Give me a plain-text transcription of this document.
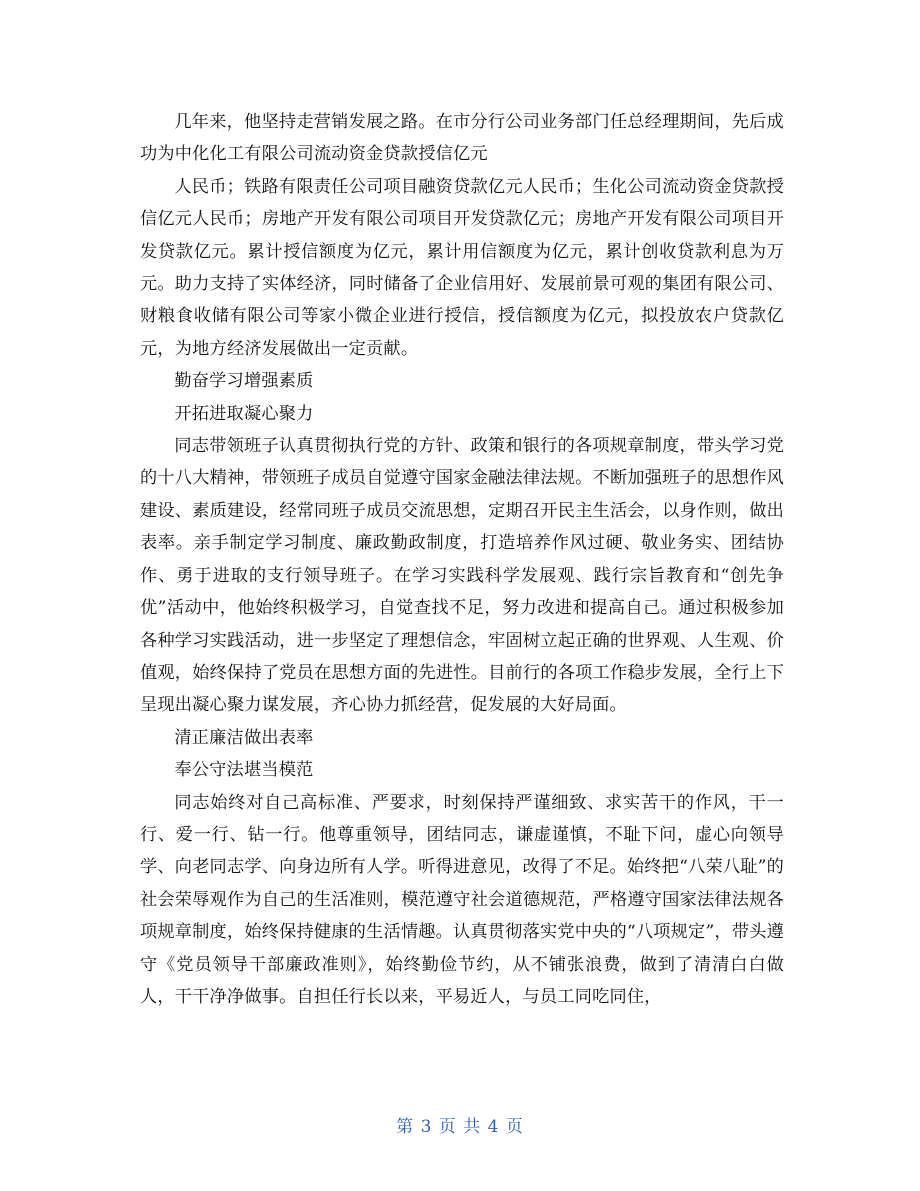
几年来，他坚持走营销发展之路。在市分行公司业务部门任总经理期间，先后成功为中化化工有限公司流动资金贷款授信亿元

人民币；铁路有限责任公司项目融资贷款亿元人民币；生化公司流动资金贷款授信亿元人民币；房地产开发有限公司项目开发贷款亿元；房地产开发有限公司项目开发贷款亿元。累计授信额度为亿元，累计用信额度为亿元，累计创收贷款利息为万元。助力支持了实体经济，同时储备了企业信用好、发展前景可观的集团有限公司、财粮食收储有限公司等家小微企业进行授信，授信额度为亿元，拟投放农户贷款亿元，为地方经济发展做出一定贡献。

勤奋学习增强素质

开拓进取凝心聚力

同志带领班子认真贯彻执行党的方针、政策和银行的各项规章制度，带头学习党的十八大精神，带领班子成员自觉遵守国家金融法律法规。不断加强班子的思想作风建设、素质建设，经常同班子成员交流思想，定期召开民主生活会，以身作则，做出表率。亲手制定学习制度、廉政勤政制度，打造培养作风过硬、敬业务实、团结协作、勇于进取的支行领导班子。在学习实践科学发展观、践行宗旨教育和“创先争优”活动中，他始终积极学习，自觉查找不足，努力改进和提高自己。通过积极参加各种学习实践活动，进一步坚定了理想信念，牢固树立起正确的世界观、人生观、价值观，始终保持了党员在思想方面的先进性。目前行的各项工作稳步发展，全行上下呈现出凝心聚力谋发展，齐心协力抓经营，促发展的大好局面。

清正廉洁做出表率

奉公守法堪当模范

同志始终对自己高标准、严要求，时刻保持严谨细致、求实苦干的作风，干一行、爱一行、钻一行。他尊重领导，团结同志，谦虚谨慎，不耻下问，虚心向领导学、向老同志学、向身边所有人学。听得进意见，改得了不足。始终把“八荣八耻”的社会荣辱观作为自己的生活准则，模范遵守社会道德规范，严格遵守国家法律法规各项规章制度，始终保持健康的生活情趣。认真贯彻落实党中央的“八项规定”，带头遵守《党员领导干部廉政准则》，始终勤俭节约，从不铺张浪费，做到了清清白白做人，干干净净做事。自担任行长以来，平易近人，与员工同吃同住，

第 3 页 共 4 页
